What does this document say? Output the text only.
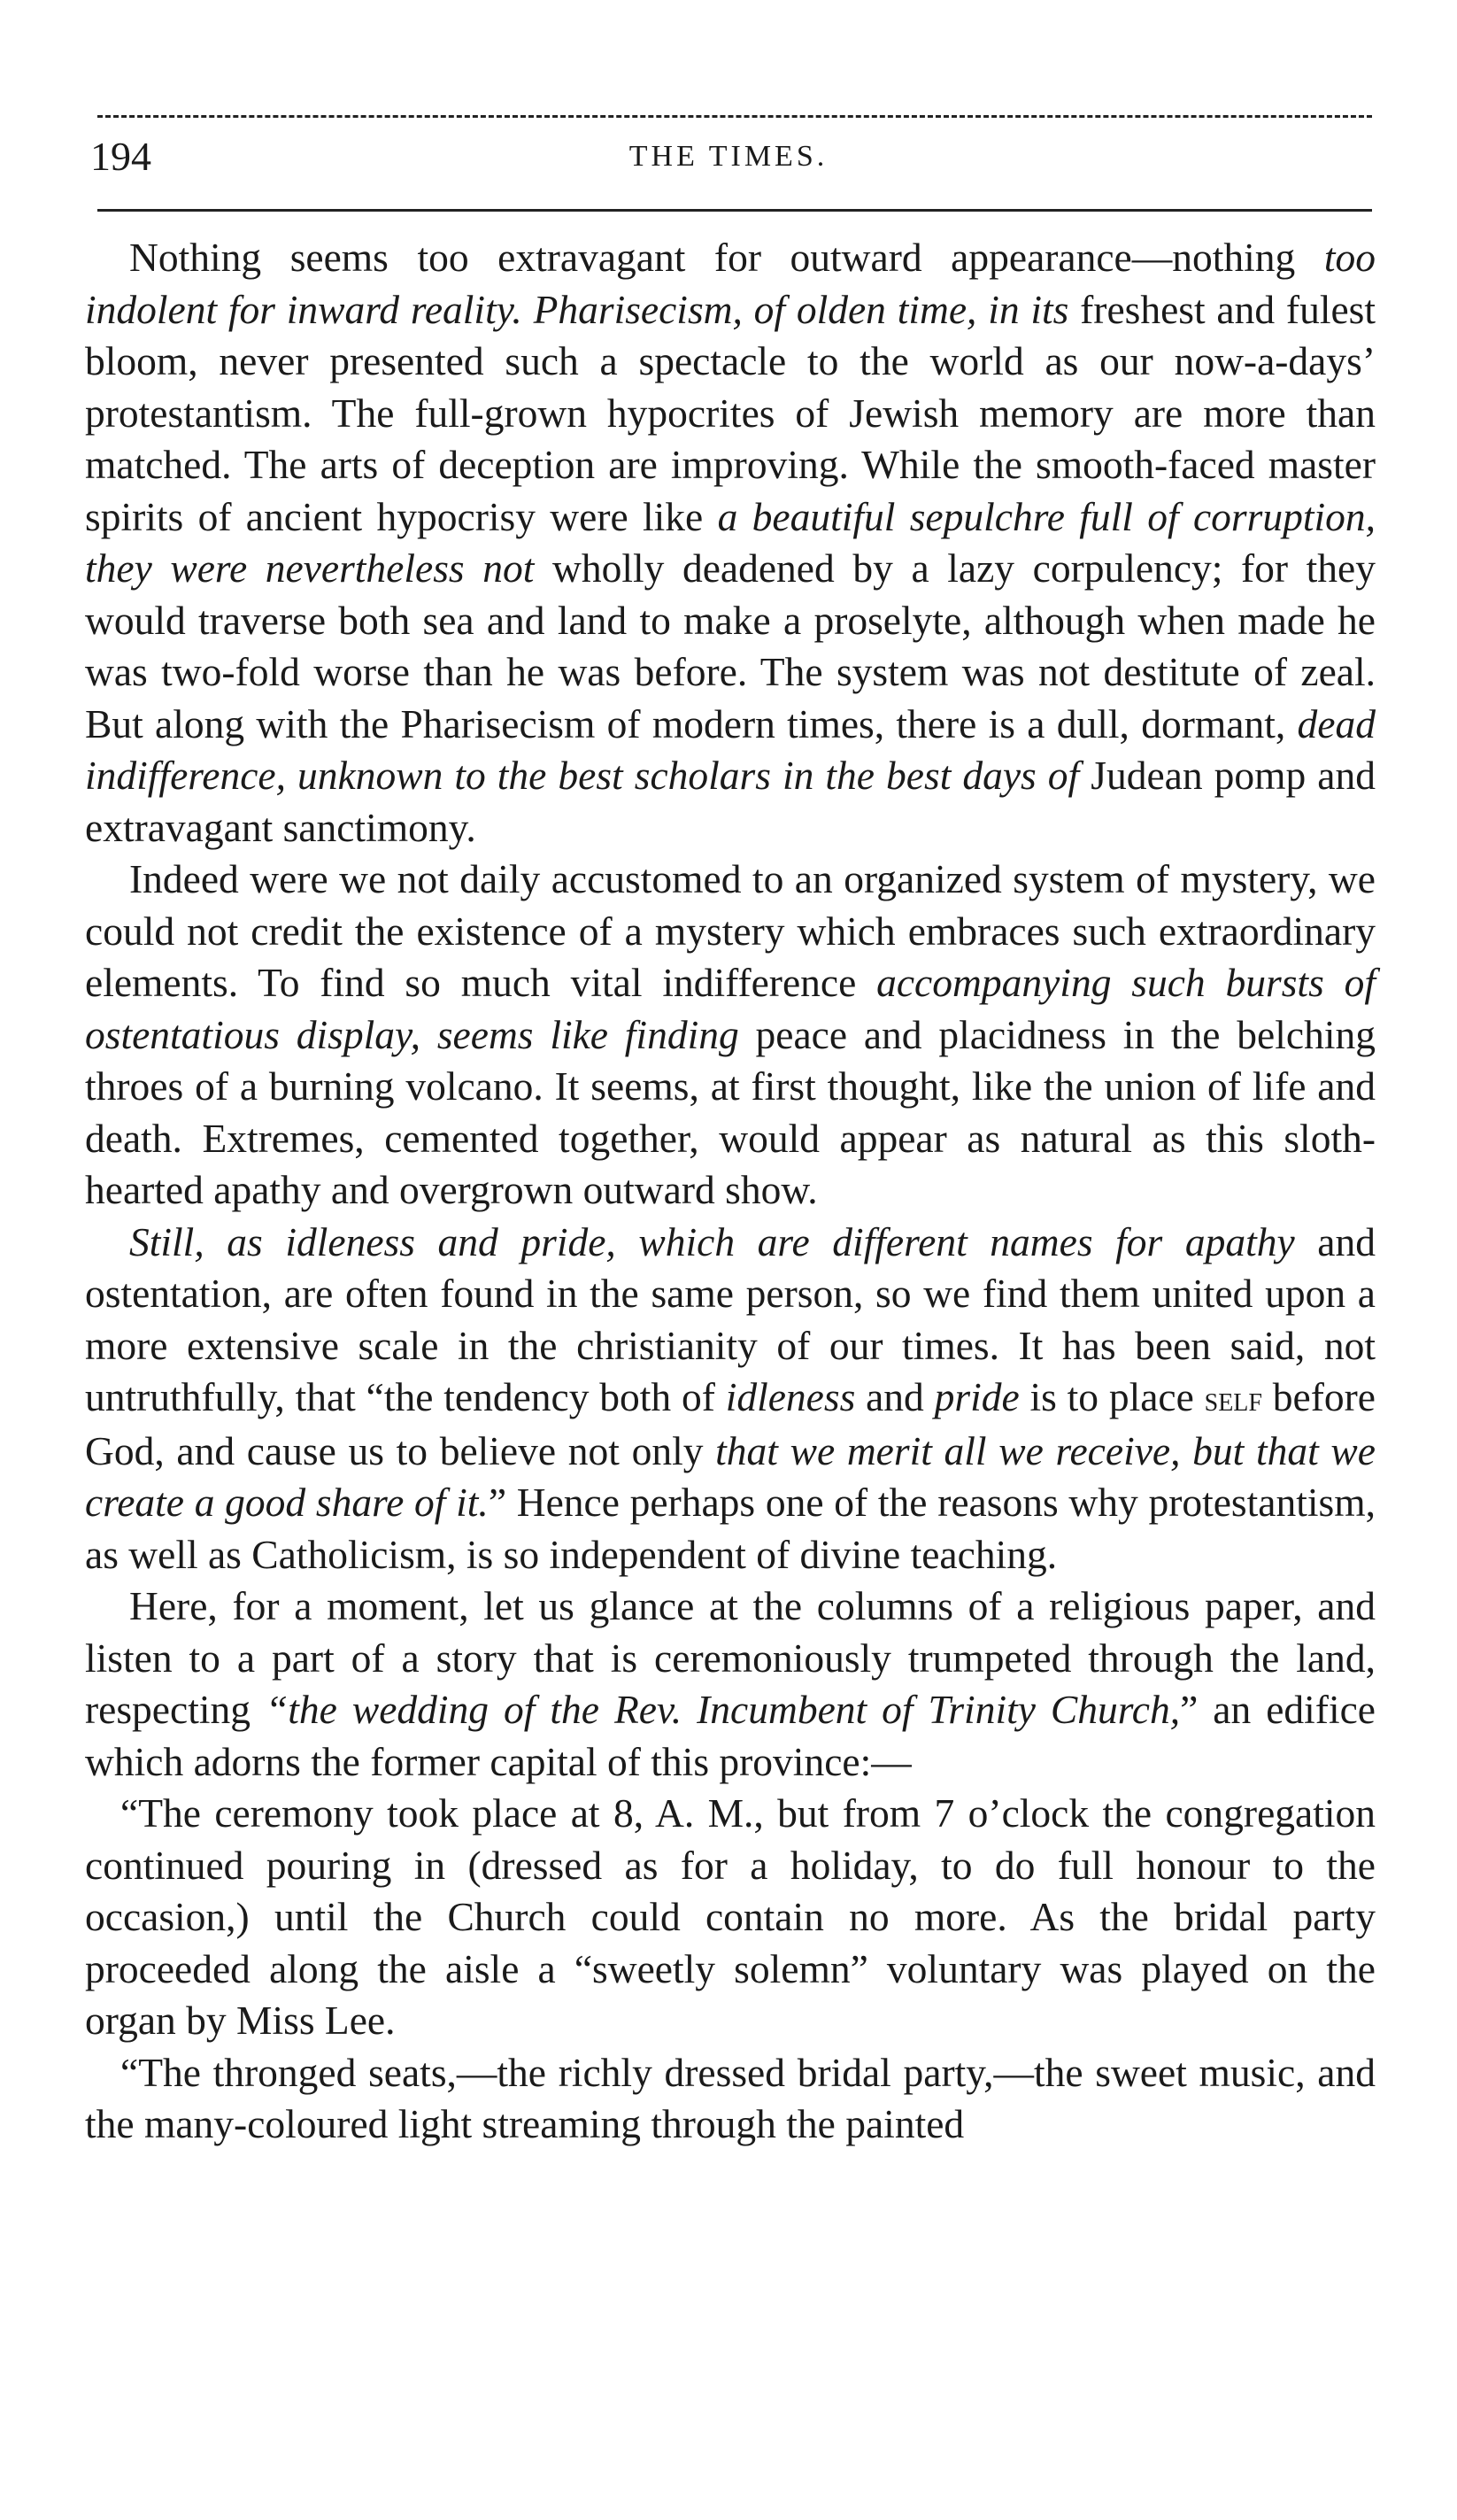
194	THE TIMES.

Nothing seems too extravagant for outward appearance—nothing too indolent for inward reality. Pharisecism, of olden time, in its freshest and fulest bloom, never presented such a spectacle to the world as our now-a-days’ protestantism. The full-grown hypocrites of Jewish memory are more than matched. The arts of deception are improving. While the smooth-faced master spirits of ancient hypocrisy were like a beautiful sepulchre full of corruption, they were nevertheless not wholly deadened by a lazy corpulency; for they would traverse both sea and land to make a proselyte, although when made he was two-fold worse than he was before. The system was not destitute of zeal. But along with the Pharisecism of modern times, there is a dull, dormant, dead indifference, unknown to the best scholars in the best days of Judean pomp and extravagant sanctimony.

Indeed were we not daily accustomed to an organized system of mystery, we could not credit the existence of a mystery which embraces such extraordinary elements. To find so much vital indifference accompanying such bursts of ostentatious display, seems like finding peace and placidness in the belching throes of a burning volcano. It seems, at first thought, like the union of life and death. Extremes, cemented together, would appear as natural as this sloth-hearted apathy and overgrown outward show.

Still, as idleness and pride, which are different names for apathy and ostentation, are often found in the same person, so we find them united upon a more extensive scale in the christianity of our times. It has been said, not untruthfully, that “the tendency both of idleness and pride is to place self before God, and cause us to believe not only that we merit all we receive, but that we create a good share of it.” Hence perhaps one of the reasons why protestantism, as well as Catholicism, is so independent of divine teaching.

Here, for a moment, let us glance at the columns of a religious paper, and listen to a part of a story that is ceremoniously trumpeted through the land, respecting “the wedding of the Rev. Incumbent of Trinity Church,” an edifice which adorns the former capital of this province:—

“The ceremony took place at 8, A. M., but from 7 o’clock the congregation continued pouring in (dressed as for a holiday, to do full honour to the occasion,) until the Church could contain no more. As the bridal party proceeded along the aisle a “sweetly solemn” voluntary was played on the organ by Miss Lee.

“The thronged seats,—the richly dressed bridal party,—the sweet music, and the many-coloured light streaming through the painted
